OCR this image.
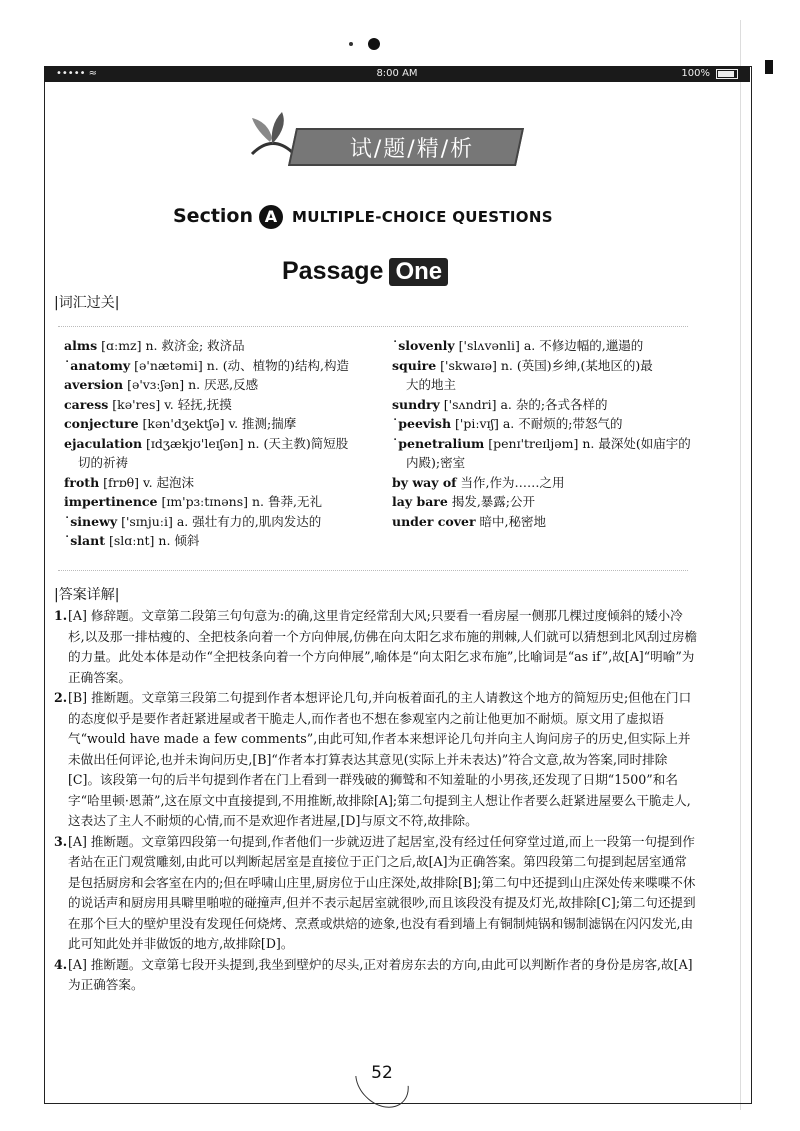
••••• ≈	8:00 AM	100%
试/题/精/析
Section A MULTIPLE-CHOICE QUESTIONS
Passage One
|词汇过关|
alms [ɑːmz] n. 救济金; 救济品
˙anatomy [ə'nætəmi] n. (动、植物的)结构,构造
aversion [ə'vɜːʃən] n. 厌恶,反感
caress [kə'res] v. 轻抚,抚摸
conjecture [kən'dʒektʃə] v. 推测;揣摩
ejaculation [ɪdʒækjʊ'leɪʃən] n. (天主教)简短股
切的祈祷
froth [frɒθ] v. 起泡沫
impertinence [ɪm'pɜːtɪnəns] n. 鲁莽,无礼
˙sinewy ['sɪnjuːi] a. 强壮有力的,肌肉发达的
˙slant [slɑːnt] n. 倾斜
˙slovenly ['slʌvənli] a. 不修边幅的,邋遢的
squire ['skwaɪə] n. (英国)乡绅,(某地区的)最
大的地主
sundry ['sʌndri] a. 杂的;各式各样的
˙peevish ['piːvɪʃ] a. 不耐烦的;带怒气的
˙penetralium [penɪ'treɪljəm] n. 最深处(如庙宇的
内殿);密室
by way of 当作,作为……之用
lay bare 揭发,暴露;公开
under cover 暗中,秘密地
|答案详解|
1. [A] 修辞题。文章第二段第三句句意为:的确,这里肯定经常刮大风;只要看一看房屋一侧那几棵过度倾斜的矮小冷杉,以及那一排枯瘦的、全把枝条向着一个方向伸展,仿佛在向太阳乞求布施的荆棘,人们就可以猜想到北风刮过房檐的力量。此处本体是动作“全把枝条向着一个方向伸展”,喻体是“向太阳乞求布施”,比喻词是“as if”,故[A]“明喻”为正确答案。
2. [B] 推断题。文章第三段第二句提到作者本想评论几句,并向板着面孔的主人请教这个地方的简短历史;但他在门口的态度似乎是要作者赶紧进屋或者干脆走人,而作者也不想在参观室内之前让他更加不耐烦。原文用了虚拟语气“would have made a few comments”,由此可知,作者本来想评论几句并向主人询问房子的历史,但实际上并未做出任何评论,也并未询问历史,[B]“作者本打算表达其意见(实际上并未表达)”符合文意,故为答案,同时排除[C]。该段第一句的后半句提到作者在门上看到一群残破的狮鹫和不知羞耻的小男孩,还发现了日期“1500”和名字“哈里顿·恩萧”,这在原文中直接提到,不用推断,故排除[A];第二句提到主人想让作者要么赶紧进屋要么干脆走人,这表达了主人不耐烦的心情,而不是欢迎作者进屋,[D]与原文不符,故排除。
3. [A] 推断题。文章第四段第一句提到,作者他们一步就迈进了起居室,没有经过任何穿堂过道,而上一段第一句提到作者站在正门观赏雕刻,由此可以判断起居室是直接位于正门之后,故[A]为正确答案。第四段第二句提到起居室通常是包括厨房和会客室在内的;但在呼啸山庄里,厨房位于山庄深处,故排除[B];第二句中还提到山庄深处传来喋喋不休的说话声和厨房用具噼里啪啦的碰撞声,但并不表示起居室就很吵,而且该段没有提及灯光,故排除[C];第二句还提到在那个巨大的壁炉里没有发现任何烧烤、烹煮或烘焙的迹象,也没有看到墙上有铜制炖锅和锡制滤锅在闪闪发光,由此可知此处并非做饭的地方,故排除[D]。
4. [A] 推断题。文章第七段开头提到,我坐到壁炉的尽头,正对着房东去的方向,由此可以判断作者的身份是房客,故[A]为正确答案。
52
